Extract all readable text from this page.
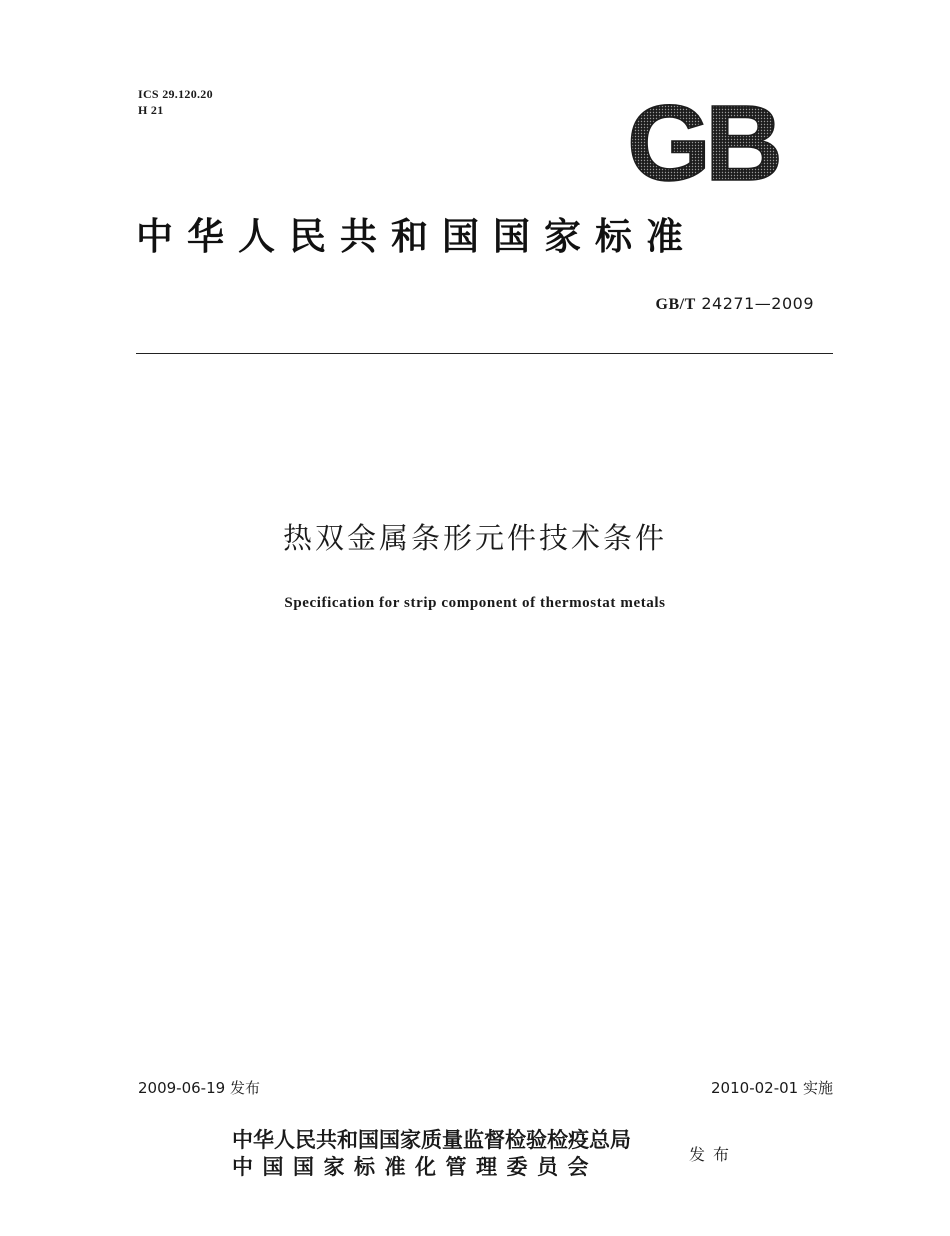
ICS 29.120.20
H 21	GB
中华人民共和国国家标准
GB/T 24271—2009
热双金属条形元件技术条件
Specification for strip component of thermostat metals
2009-06-19 发布	2010-02-01 实施
中华人民共和国国家质量监督检验检疫总局
中国国家标准化管理委员会
发布
